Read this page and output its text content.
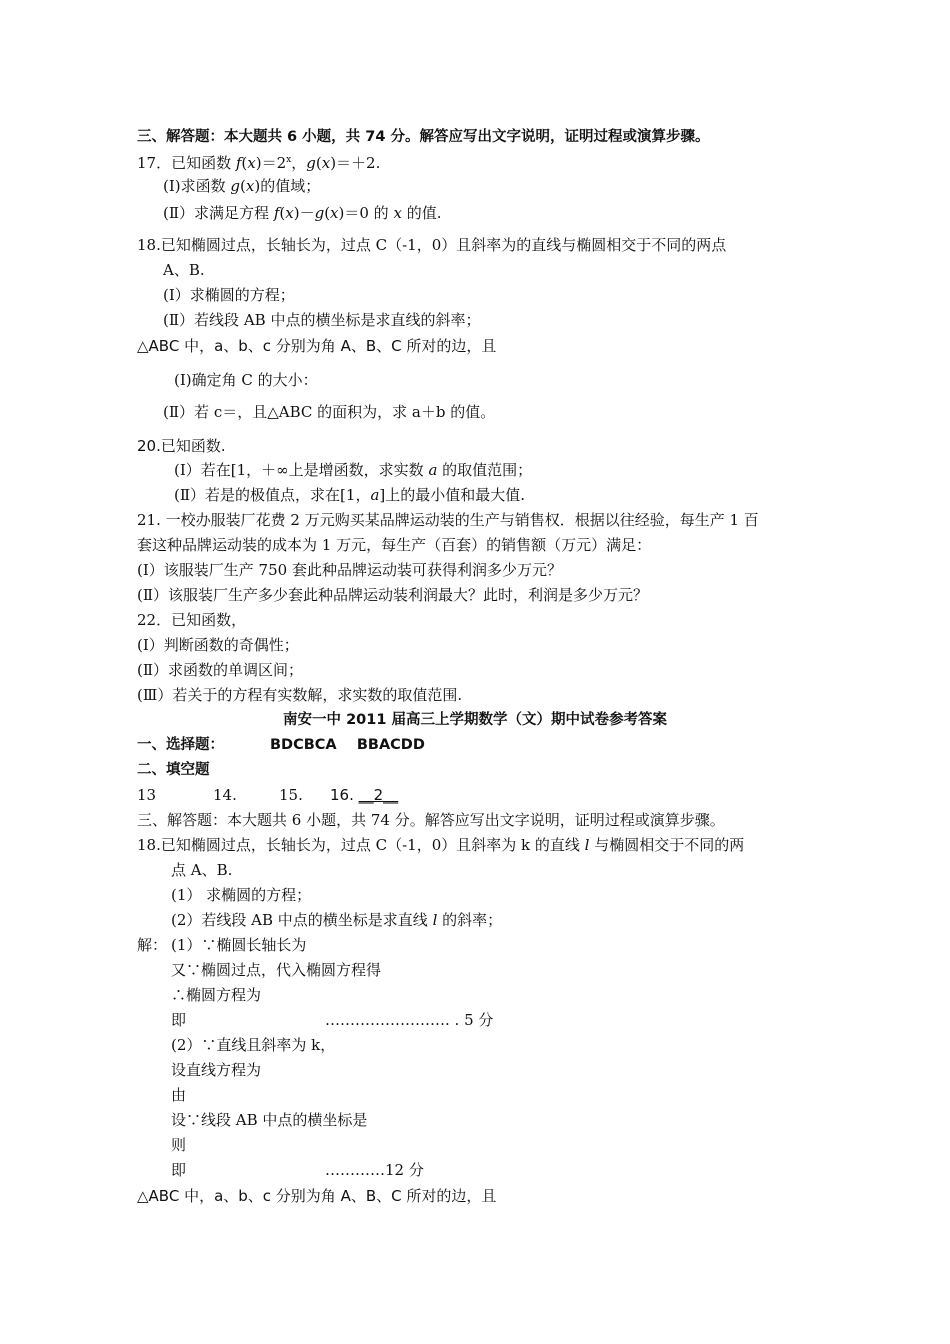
三、解答题：本大题共 6 小题，共 74 分。解答应写出文字说明，证明过程或演算步骤。
17．已知函数 $f(x)=2^x$，g(x)＝＋2.
(Ⅰ)求函数 g(x)的值域；
(Ⅱ）求满足方程 f(x)－g(x)＝0 的 x 的值.
18.已知椭圆过点，长轴长为，过点 C（-1，0）且斜率为的直线与椭圆相交于不同的两点
A、B.
(Ⅰ）求椭圆的方程；
(Ⅱ）若线段 AB 中点的横坐标是求直线的斜率；
△ABC 中，a、b、c 分别为角 A、B、C 所对的边，且
(Ⅰ)确定角 C 的大小：
(Ⅱ）若 c＝，且△ABC 的面积为，求 a＋b 的值。
20.已知函数.
(Ⅰ）若在[1，＋∞上是增函数，求实数 a 的取值范围；
(Ⅱ）若是的极值点，求在[1，a]上的最小值和最大值.
21. 一校办服装厂花费 2 万元购买某品牌运动装的生产与销售权．根据以往经验，每生产 1 百
套这种品牌运动装的成本为 1 万元，每生产（百套）的销售额（万元）满足：
(Ⅰ）该服装厂生产 750 套此种品牌运动装可获得利润多少万元？
(Ⅱ）该服装厂生产多少套此种品牌运动装利润最大？此时，利润是多少万元？
22．已知函数，
(Ⅰ）判断函数的奇偶性；
(Ⅱ）求函数的单调区间；
(Ⅲ）若关于的方程有实数解，求实数的取值范围.
南安一中 2011 届高三上学期数学（文）期中试卷参考答案
一、选择题：	BDCBCA    BBACDD
二、填空题
13	14.	15. 16. __2__
三、解答题：本大题共 6 小题，共 74 分。解答应写出文字说明，证明过程或演算步骤。
18.已知椭圆过点，长轴长为，过点 C（-1，0）且斜率为 k 的直线 l 与椭圆相交于不同的两
点 A、B.
(1） 求椭圆的方程；
(2）若线段 AB 中点的横坐标是求直线 l 的斜率；
解： (1）∵椭圆长轴长为
又∵椭圆过点，代入椭圆方程得
∴椭圆方程为
即	……………………. . 5 分
(2）∵直线且斜率为 k，
设直线方程为
由
设∵线段 AB 中点的横坐标是
则
即	…………12 分
△ABC 中，a、b、c 分别为角 A、B、C 所对的边，且
